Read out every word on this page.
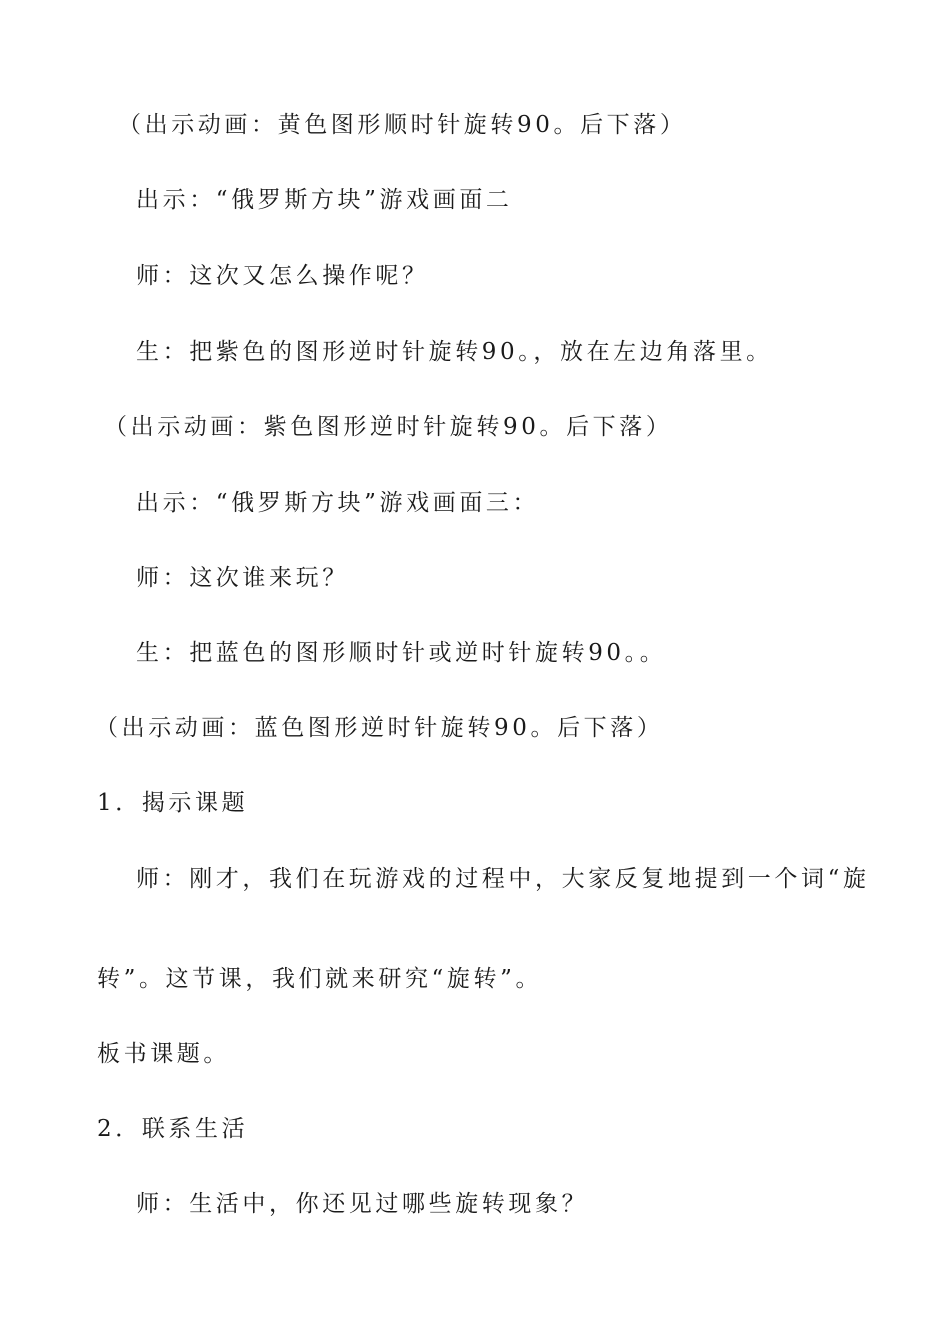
（出示动画：黄色图形顺时针旋转90。后下落）
出示：“俄罗斯方块”游戏画面二
师：这次又怎么操作呢？
生：把紫色的图形逆时针旋转90。，放在左边角落里。
（出示动画：紫色图形逆时针旋转90。后下落）
出示：“俄罗斯方块”游戏画面三：
师：这次谁来玩？
生：把蓝色的图形顺时针或逆时针旋转90。。
（出示动画：蓝色图形逆时针旋转90。后下落）
1．揭示课题
师：刚才，我们在玩游戏的过程中，大家反复地提到一个词“旋
转”。这节课，我们就来研究“旋转”。
板书课题。
2．联系生活
师：生活中，你还见过哪些旋转现象？
